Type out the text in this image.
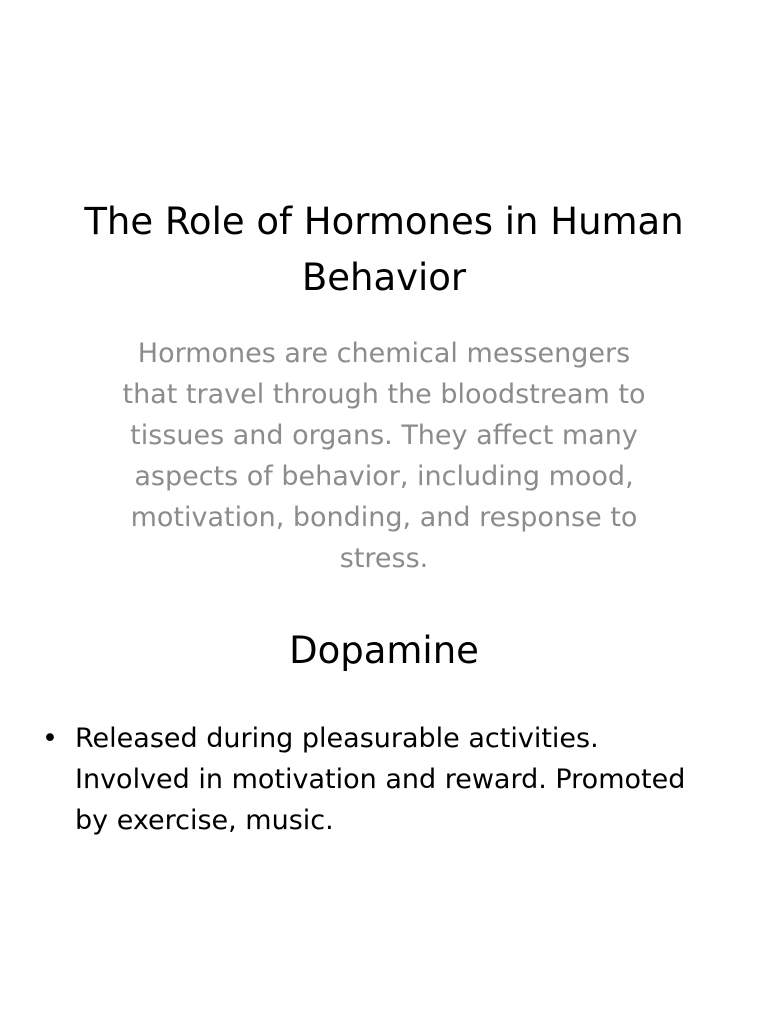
The Role of Hormones in Human Behavior

Hormones are chemical messengers that travel through the bloodstream to tissues and organs. They affect many aspects of behavior, including mood, motivation, bonding, and response to stress.

Dopamine
• Released during pleasurable activities. Involved in motivation and reward. Promoted by exercise, music.
